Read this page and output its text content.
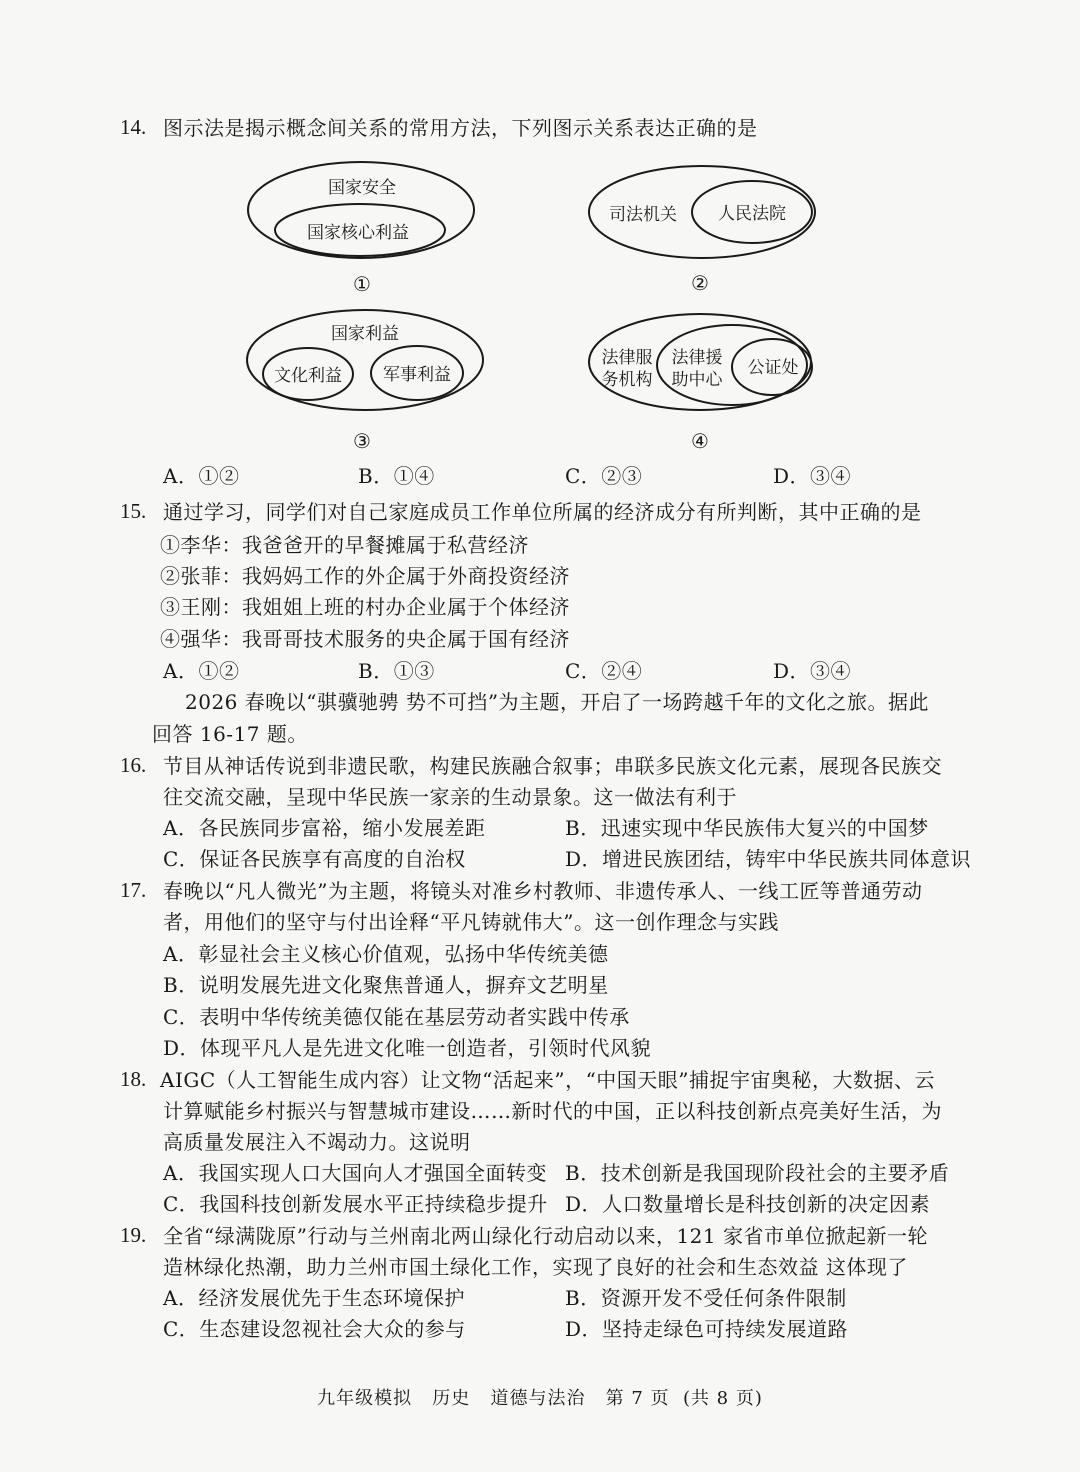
14. 图示法是揭示概念间关系的常用方法，下列图示关系表达正确的是
国家安全
国家核心利益
①
司法机关 人民法院
②
国家利益
文化利益 军事利益
③
法律服
务机构
法律援
助中心
公证处
④
A．①②	B．①④	C．②③	D．③④
15. 通过学习，同学们对自己家庭成员工作单位所属的经济成分有所判断，其中正确的是
①李华：我爸爸开的早餐摊属于私营经济
②张菲：我妈妈工作的外企属于外商投资经济
③王刚：我姐姐上班的村办企业属于个体经济
④强华：我哥哥技术服务的央企属于国有经济
A．①②	B．①③	C．②④	D．③④
2026 春晚以“骐骥驰骋 势不可挡”为主题，开启了一场跨越千年的文化之旅。据此
回答 16-17 题。
16. 节目从神话传说到非遗民歌，构建民族融合叙事；串联多民族文化元素，展现各民族交
往交流交融，呈现中华民族一家亲的生动景象。这一做法有利于
A．各民族同步富裕，缩小发展差距	B．迅速实现中华民族伟大复兴的中国梦
C．保证各民族享有高度的自治权	D．增进民族团结，铸牢中华民族共同体意识
17. 春晚以“凡人微光”为主题，将镜头对准乡村教师、非遗传承人、一线工匠等普通劳动
者，用他们的坚守与付出诠释“平凡铸就伟大”。这一创作理念与实践
A．彰显社会主义核心价值观，弘扬中华传统美德
B．说明发展先进文化聚焦普通人，摒弃文艺明星
C．表明中华传统美德仅能在基层劳动者实践中传承
D．体现平凡人是先进文化唯一创造者，引领时代风貌
18. AIGC（人工智能生成内容）让文物“活起来”，“中国天眼”捕捉宇宙奥秘，大数据、云
计算赋能乡村振兴与智慧城市建设……新时代的中国，正以科技创新点亮美好生活，为
高质量发展注入不竭动力。这说明
A．我国实现人口大国向人才强国全面转变 B．技术创新是我国现阶段社会的主要矛盾
C．我国科技创新发展水平正持续稳步提升 D．人口数量增长是科技创新的决定因素
19. 全省“绿满陇原”行动与兰州南北两山绿化行动启动以来，121 家省市单位掀起新一轮
造林绿化热潮，助力兰州市国土绿化工作，实现了良好的社会和生态效益 这体现了
A．经济发展优先于生态环境保护	B．资源开发不受任何条件限制
C．生态建设忽视社会大众的参与	D．坚持走绿色可持续发展道路
九年级模拟   历史   道德与法治   第 7 页  (共 8 页)
